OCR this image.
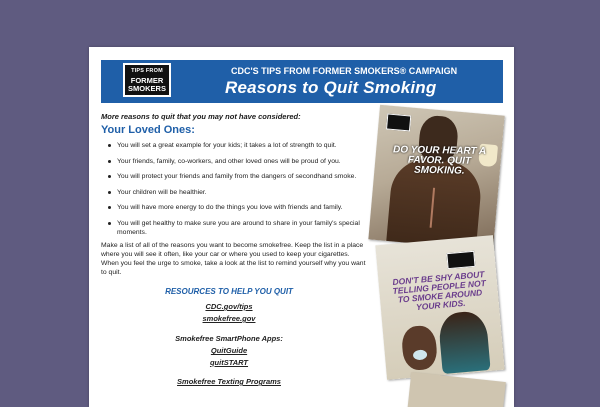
TIPS FROM
FORMER
SMOKERS
CDC'S TIPS FROM FORMER SMOKERS® CAMPAIGN
Reasons to Quit Smoking
More reasons to quit that you may not have considered:
Your Loved Ones:
You will set a great example for your kids; it takes a lot of strength to quit.
Your friends, family, co-workers, and other loved ones will be proud of you.
You will protect your friends and family from the dangers of secondhand smoke.
Your children will be healthier.
You will have more energy to do the things you love with friends and family.
You will get healthy to make sure you are around to share in your family's special moments.

Make a list of all of the reasons you want to become smokefree. Keep the list in a place where you will see it often, like your car or where you used to keep your cigarettes. When you feel the urge to smoke, take a look at the list to remind yourself why you want to quit.

RESOURCES TO HELP YOU QUIT
CDC.gov/tips
smokefree.gov
Smokefree SmartPhone Apps:
QuitGuide
quitSTART
Smokefree Texting Programs
DO YOUR HEART A FAVOR. QUIT SMOKING.
DON'T BE SHY ABOUT TELLING PEOPLE NOT TO SMOKE AROUND YOUR KIDS.
